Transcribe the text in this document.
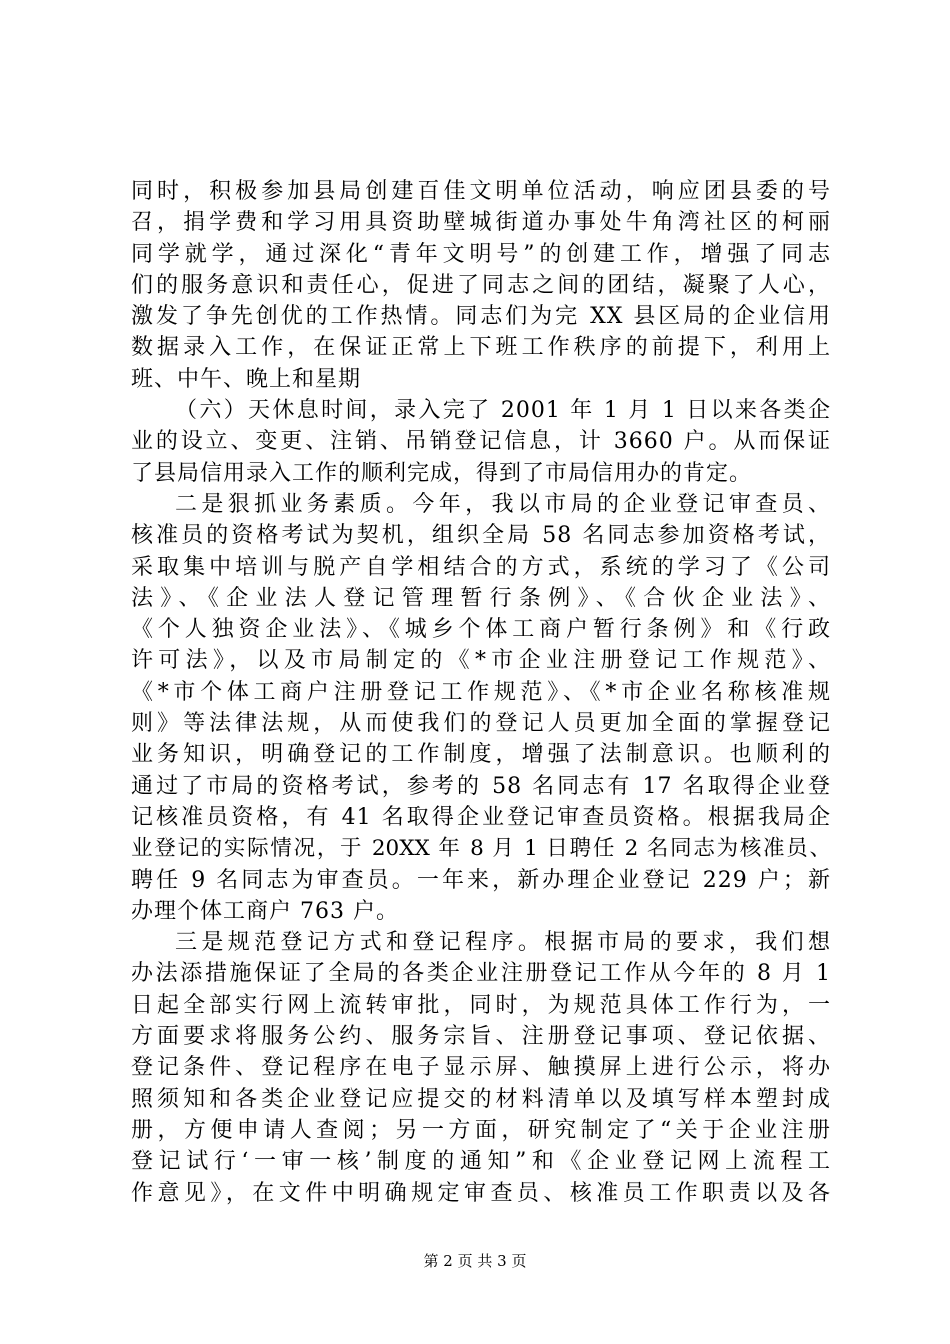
同时，积极参加县局创建百佳文明单位活动，响应团县委的号
召，捐学费和学习用具资助壁城街道办事处牛角湾社区的柯丽
同学就学，通过深化“青年文明号”的创建工作，增强了同志
们的服务意识和责任心，促进了同志之间的团结，凝聚了人心，
激发了争先创优的工作热情。同志们为完 XX 县区局的企业信用
数据录入工作，在保证正常上下班工作秩序的前提下，利用上
班、中午、晚上和星期
（六）天休息时间，录入完了 2001 年 1 月 1 日以来各类企
业的设立、变更、注销、吊销登记信息，计 3660 户。从而保证
了县局信用录入工作的顺利完成，得到了市局信用办的肯定。
二是狠抓业务素质。今年，我以市局的企业登记审查员、
核准员的资格考试为契机，组织全局 58 名同志参加资格考试，
采取集中培训与脱产自学相结合的方式，系统的学习了《公司
法》、《企业法人登记管理暂行条例》、《合伙企业法》、
《个人独资企业法》、《城乡个体工商户暂行条例》和《行政
许可法》，以及市局制定的《*市企业注册登记工作规范》、
《*市个体工商户注册登记工作规范》、《*市企业名称核准规
则》等法律法规，从而使我们的登记人员更加全面的掌握登记
业务知识，明确登记的工作制度，增强了法制意识。也顺利的
通过了市局的资格考试，参考的 58 名同志有 17 名取得企业登
记核准员资格，有 41 名取得企业登记审查员资格。根据我局企
业登记的实际情况，于 20XX 年 8 月 1 日聘任 2 名同志为核准员、
聘任 9 名同志为审查员。一年来，新办理企业登记 229 户；新
办理个体工商户 763 户。
三是规范登记方式和登记程序。根据市局的要求，我们想
办法添措施保证了全局的各类企业注册登记工作从今年的 8 月 1
日起全部实行网上流转审批，同时，为规范具体工作行为，一
方面要求将服务公约、服务宗旨、注册登记事项、登记依据、
登记条件、登记程序在电子显示屏、触摸屏上进行公示，将办
照须知和各类企业登记应提交的材料清单以及填写样本塑封成
册，方便申请人查阅；另一方面，研究制定了“关于企业注册
登记试行‘一审一核’制度的通知”和《企业登记网上流程工
作意见》，在文件中明确规定审查员、核准员工作职责以及各
第 2 页 共 3 页
